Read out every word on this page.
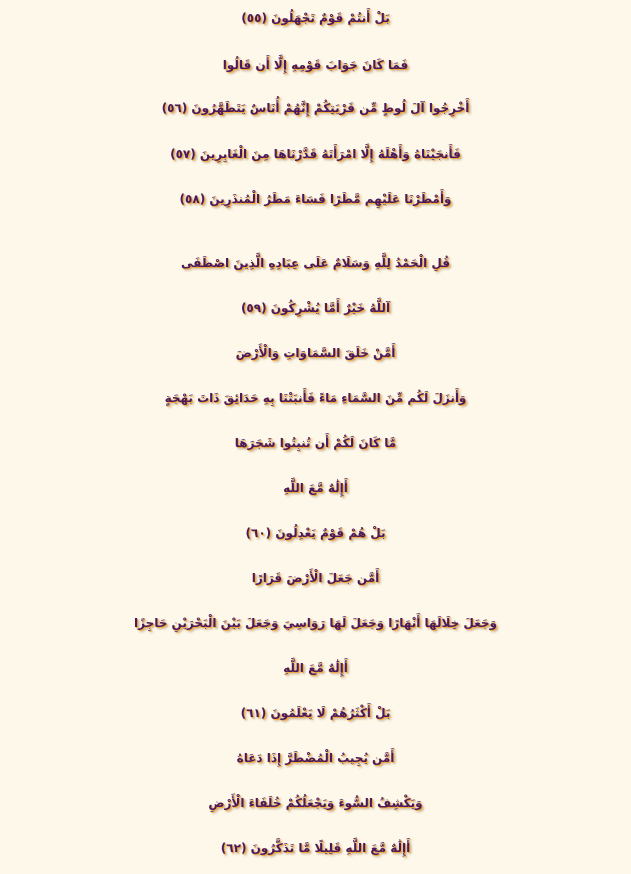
بَلْ أَنتُمْ قَوْمٌ تَجْهَلُونَ (٥٥)
فَمَا كَانَ جَوَابَ قَوْمِهِ إِلَّا أَن قَالُوا
أَخْرِجُوا آلَ لُوطٍ مِّن قَرْيَتِكُمْ إِنَّهُمْ أُنَاسٌ يَتَطَهَّرُونَ (٥٦)
فَأَنجَيْنَاهُ وَأَهْلَهُ إِلَّا امْرَأَتَهُ قَدَّرْنَاهَا مِنَ الْغَابِرِينَ (٥٧)
وَأَمْطَرْنَا عَلَيْهِم مَّطَرًا فَسَاءَ مَطَرُ الْمُنذَرِينَ (٥٨)
قُلِ الْحَمْدُ لِلَّهِ وَسَلَامٌ عَلَى عِبَادِهِ الَّذِينَ اصْطَفَى
آللَّهُ خَيْرٌ أَمَّا يُشْرِكُونَ (٥٩)
أَمَّنْ خَلَقَ السَّمَاوَاتِ وَالْأَرْضَ
وَأَنزَلَ لَكُم مِّنَ السَّمَاءِ مَاءً فَأَنبَتْنَا بِهِ حَدَائِقَ ذَاتَ بَهْجَةٍ
مَّا كَانَ لَكُمْ أَن تُنبِتُوا شَجَرَهَا
أَإِلَٰهٌ مَّعَ اللَّهِ
بَلْ هُمْ قَوْمٌ يَعْدِلُونَ (٦٠)
أَمَّن جَعَلَ الْأَرْضَ قَرَارًا
وَجَعَلَ خِلَالَهَا أَنْهَارًا وَجَعَلَ لَهَا رَوَاسِيَ وَجَعَلَ بَيْنَ الْبَحْرَيْنِ حَاجِزًا
أَإِلَٰهٌ مَّعَ اللَّهِ
بَلْ أَكْثَرُهُمْ لَا يَعْلَمُونَ (٦١)
أَمَّن يُجِيبُ الْمُضْطَرَّ إِذَا دَعَاهُ
وَيَكْشِفُ السُّوءَ وَيَجْعَلُكُمْ خُلَفَاءَ الْأَرْضِ
أَإِلَٰهٌ مَّعَ اللَّهِ قَلِيلًا مَّا تَذَكَّرُونَ (٦٢)
